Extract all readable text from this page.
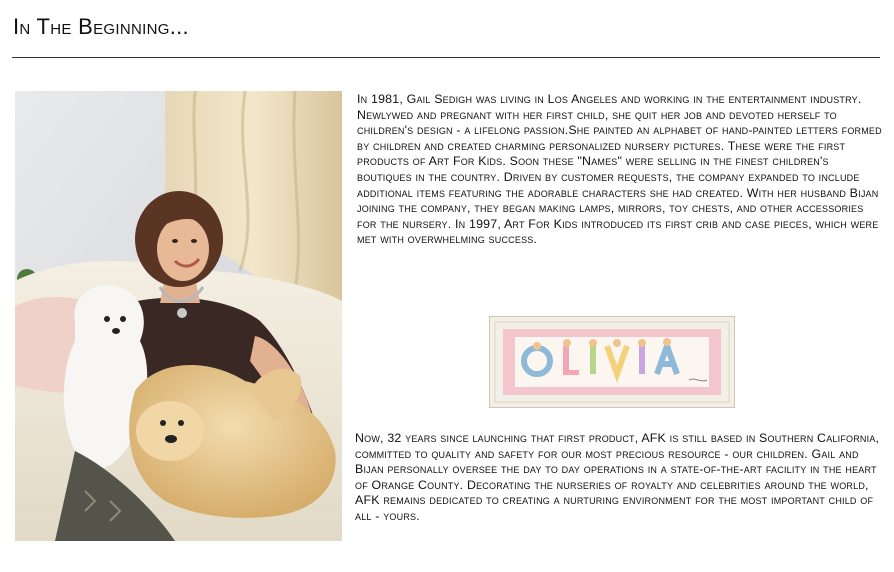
In The Beginning...

In 1981, Gail Sedigh was living in Los Angeles and working in the entertainment industry. Newlywed and pregnant with her first child, she quit her job and devoted herself to children's design - a lifelong passion.She painted an alphabet of hand-painted letters formed by children and created charming personalized nursery pictures. These were the first products of Art For Kids. Soon these "Names" were selling in the finest children's boutiques in the country. Driven by customer requests, the company expanded to include additional items featuring the adorable characters she had created. With her husband Bijan joining the company, they began making lamps, mirrors, toy chests, and other accessories for the nursery. In 1997, Art For Kids introduced its first crib and case pieces, which were met with overwhelming success.

Now, 32 years since launching that first product, AFK is still based in Southern California, committed to quality and safety for our most precious resource - our children. Gail and Bijan personally oversee the day to day operations in a state-of-the-art facility in the heart of Orange County. Decorating the nurseries of royalty and celebrities around the world, AFK remains dedicated to creating a nurturing environment for the most important child of all - yours.
